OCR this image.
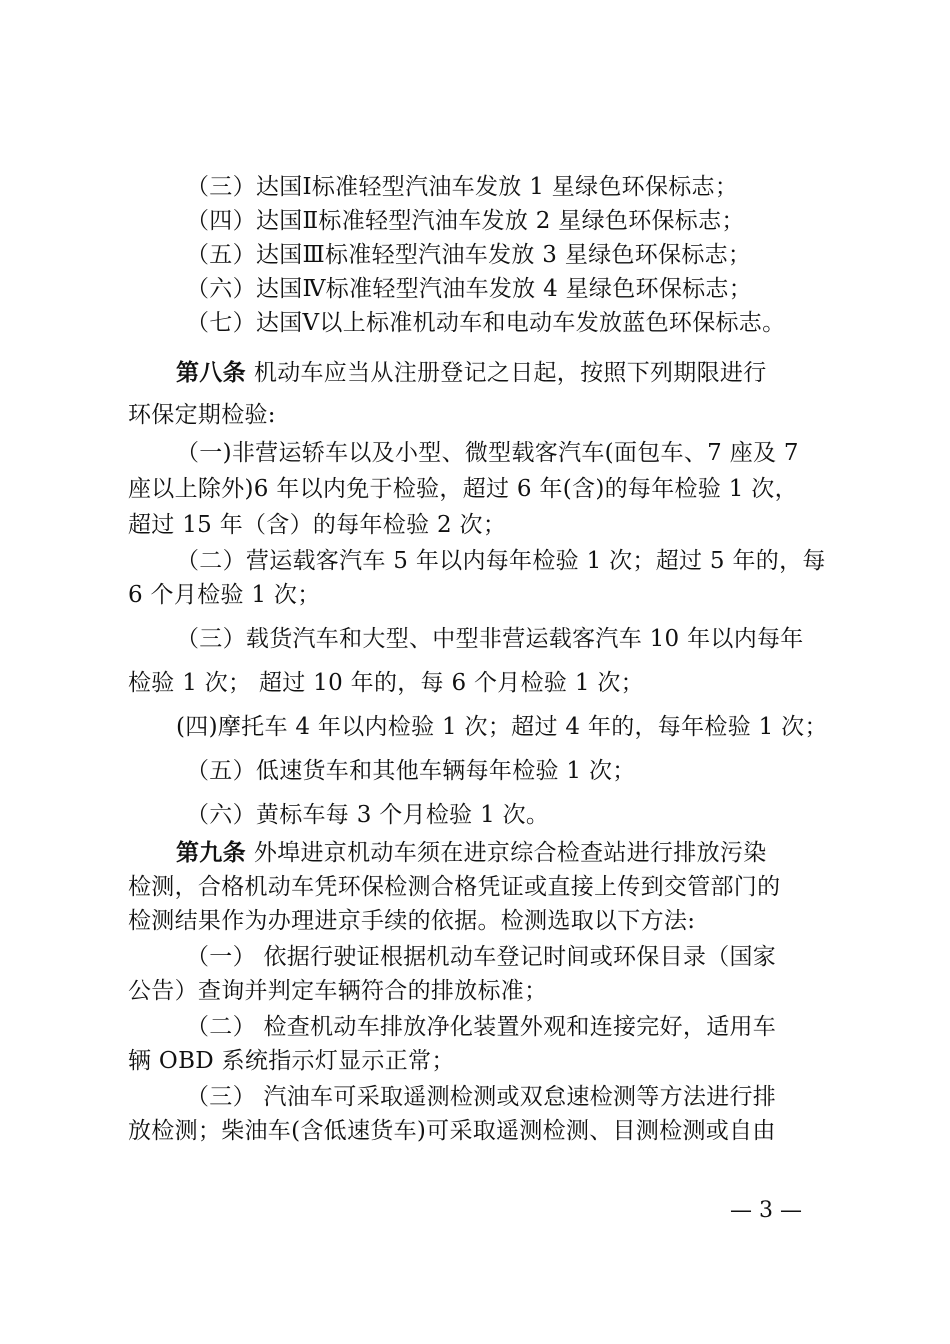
（三）达国Ⅰ标准轻型汽油车发放 1 星绿色环保标志；
（四）达国Ⅱ标准轻型汽油车发放 2 星绿色环保标志；
（五）达国Ⅲ标准轻型汽油车发放 3 星绿色环保标志；
（六）达国Ⅳ标准轻型汽油车发放 4 星绿色环保标志；
（七）达国Ⅴ以上标准机动车和电动车发放蓝色环保标志。
第八条 机动车应当从注册登记之日起，按照下列期限进行
环保定期检验:
（一)非营运轿车以及小型、微型载客汽车(面包车、7 座及 7
座以上除外)6 年以内免于检验，超过 6 年(含)的每年检验 1 次，
超过 15 年（含）的每年检验 2 次；
（二）营运载客汽车 5 年以内每年检验 1 次；超过 5 年的，每
6 个月检验 1 次；
（三）载货汽车和大型、中型非营运载客汽车 10 年以内每年
检验 1 次； 超过 10 年的，每 6 个月检验 1 次；
(四)摩托车 4 年以内检验 1 次；超过 4 年的，每年检验 1 次；
（五）低速货车和其他车辆每年检验 1 次；
（六）黄标车每 3 个月检验 1 次。
第九条 外埠进京机动车须在进京综合检查站进行排放污染
检测，合格机动车凭环保检测合格凭证或直接上传到交管部门的
检测结果作为办理进京手续的依据。检测选取以下方法:
（一） 依据行驶证根据机动车登记时间或环保目录（国家
公告）查询并判定车辆符合的排放标准；
（二） 检查机动车排放净化装置外观和连接完好，适用车
辆 OBD 系统指示灯显示正常；
（三） 汽油车可采取遥测检测或双怠速检测等方法进行排
放检测；柴油车(含低速货车)可采取遥测检测、目测检测或自由
— 3 —
